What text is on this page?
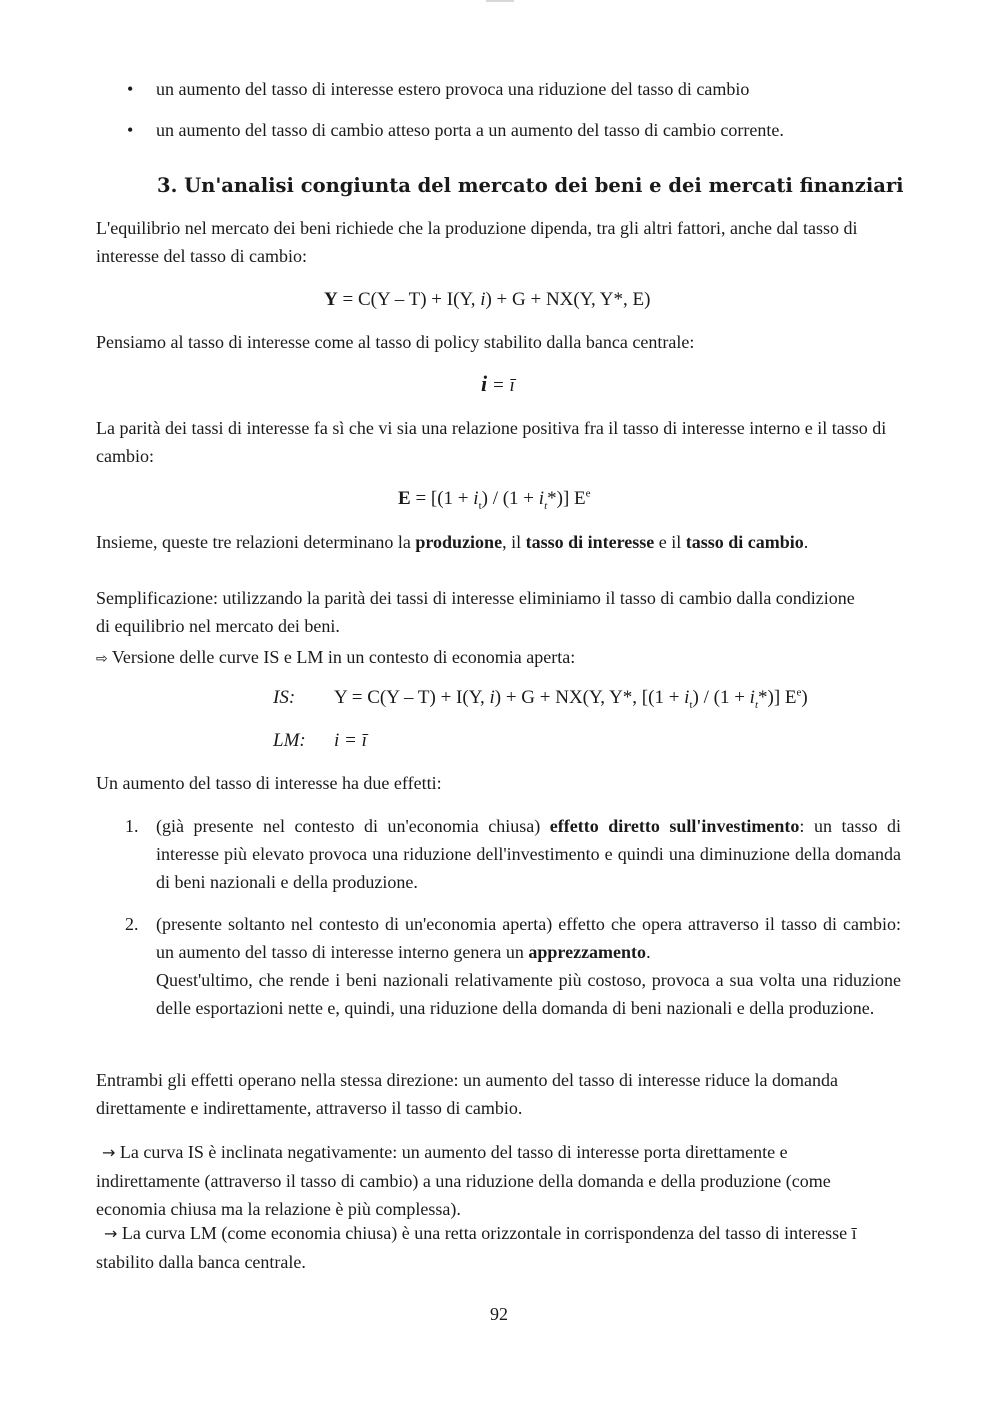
• un aumento del tasso di interesse estero provoca una riduzione del tasso di cambio
• un aumento del tasso di cambio atteso porta a un aumento del tasso di cambio corrente.
3. Un'analisi congiunta del mercato dei beni e dei mercati finanziari
L'equilibrio nel mercato dei beni richiede che la produzione dipenda, tra gli altri fattori, anche dal tasso di interesse del tasso di cambio:
Y = C(Y – T) + I(Y, i) + G + NX(Y, Y*, E)
Pensiamo al tasso di interesse come al tasso di policy stabilito dalla banca centrale:
i = ī
La parità dei tassi di interesse fa sì che vi sia una relazione positiva fra il tasso di interesse interno e il tasso di cambio:
$E = [(1 + i_t) / (1 + i_t*)]$ $E^e$
Insieme, queste tre relazioni determinano la produzione, il tasso di interesse e il tasso di cambio.
Semplificazione: utilizzando la parità dei tassi di interesse eliminiamo il tasso di cambio dalla condizione di equilibrio nel mercato dei beni.
⇨ Versione delle curve IS e LM in un contesto di economia aperta:
IS: Y = C(Y – T) + I(Y, i) + G + NX(Y, Y*, $[(1 + i_t) / (1 + i_t*)]$ $E^e$)
LM: i = ī
Un aumento del tasso di interesse ha due effetti:
1. (già presente nel contesto di un'economia chiusa) effetto diretto sull'investimento: un tasso di interesse più elevato provoca una riduzione dell'investimento e quindi una diminuzione della domanda di beni nazionali e della produzione.
2. (presente soltanto nel contesto di un'economia aperta) effetto che opera attraverso il tasso di cambio: un aumento del tasso di interesse interno genera un apprezzamento.
Quest'ultimo, che rende i beni nazionali relativamente più costoso, provoca a sua volta una riduzione delle esportazioni nette e, quindi, una riduzione della domanda di beni nazionali e della produzione.
Entrambi gli effetti operano nella stessa direzione: un aumento del tasso di interesse riduce la domanda direttamente e indirettamente, attraverso il tasso di cambio.
→ La curva IS è inclinata negativamente: un aumento del tasso di interesse porta direttamente e indirettamente (attraverso il tasso di cambio) a una riduzione della domanda e della produzione (come economia chiusa ma la relazione è più complessa).
→ La curva LM (come economia chiusa) è una retta orizzontale in corrispondenza del tasso di interesse ī stabilito dalla banca centrale.
92
